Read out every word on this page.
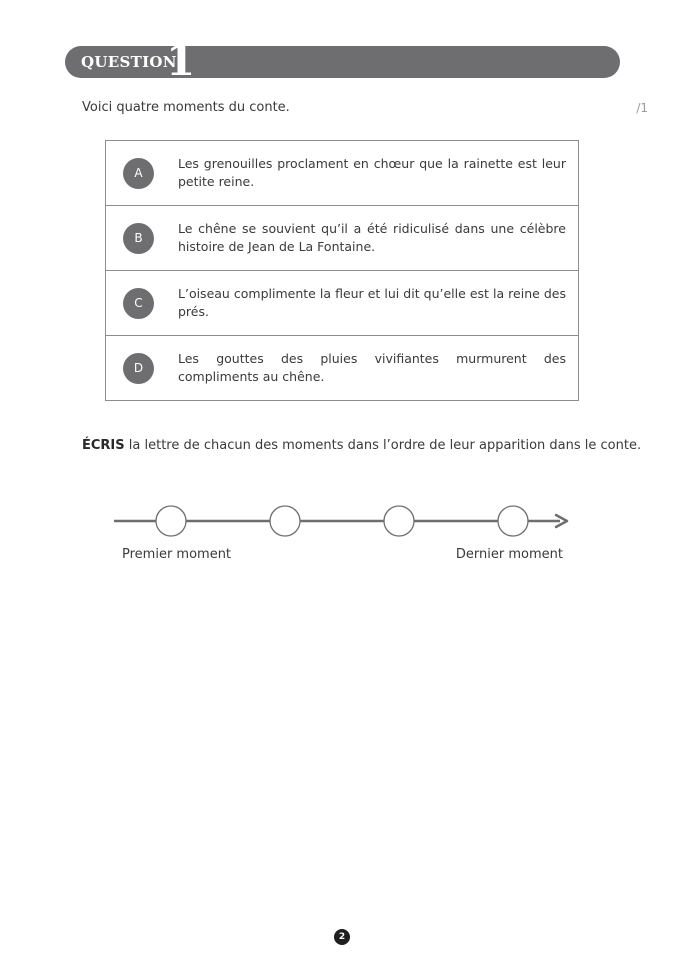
QUESTION
1
Voici quatre moments du conte.	/1
A
Les grenouilles proclament en chœur que la rainette est leur petite reine.
B
Le chêne se souvient qu’il a été ridiculisé dans une célèbre histoire de Jean de La Fontaine.
C
L’oiseau complimente la fleur et lui dit qu’elle est la reine des prés.
D
Les gouttes des pluies vivifiantes murmurent des compliments au chêne.
ÉCRIS la lettre de chacun des moments dans l’ordre de leur apparition dans le conte.
Premier moment	Dernier moment
2
